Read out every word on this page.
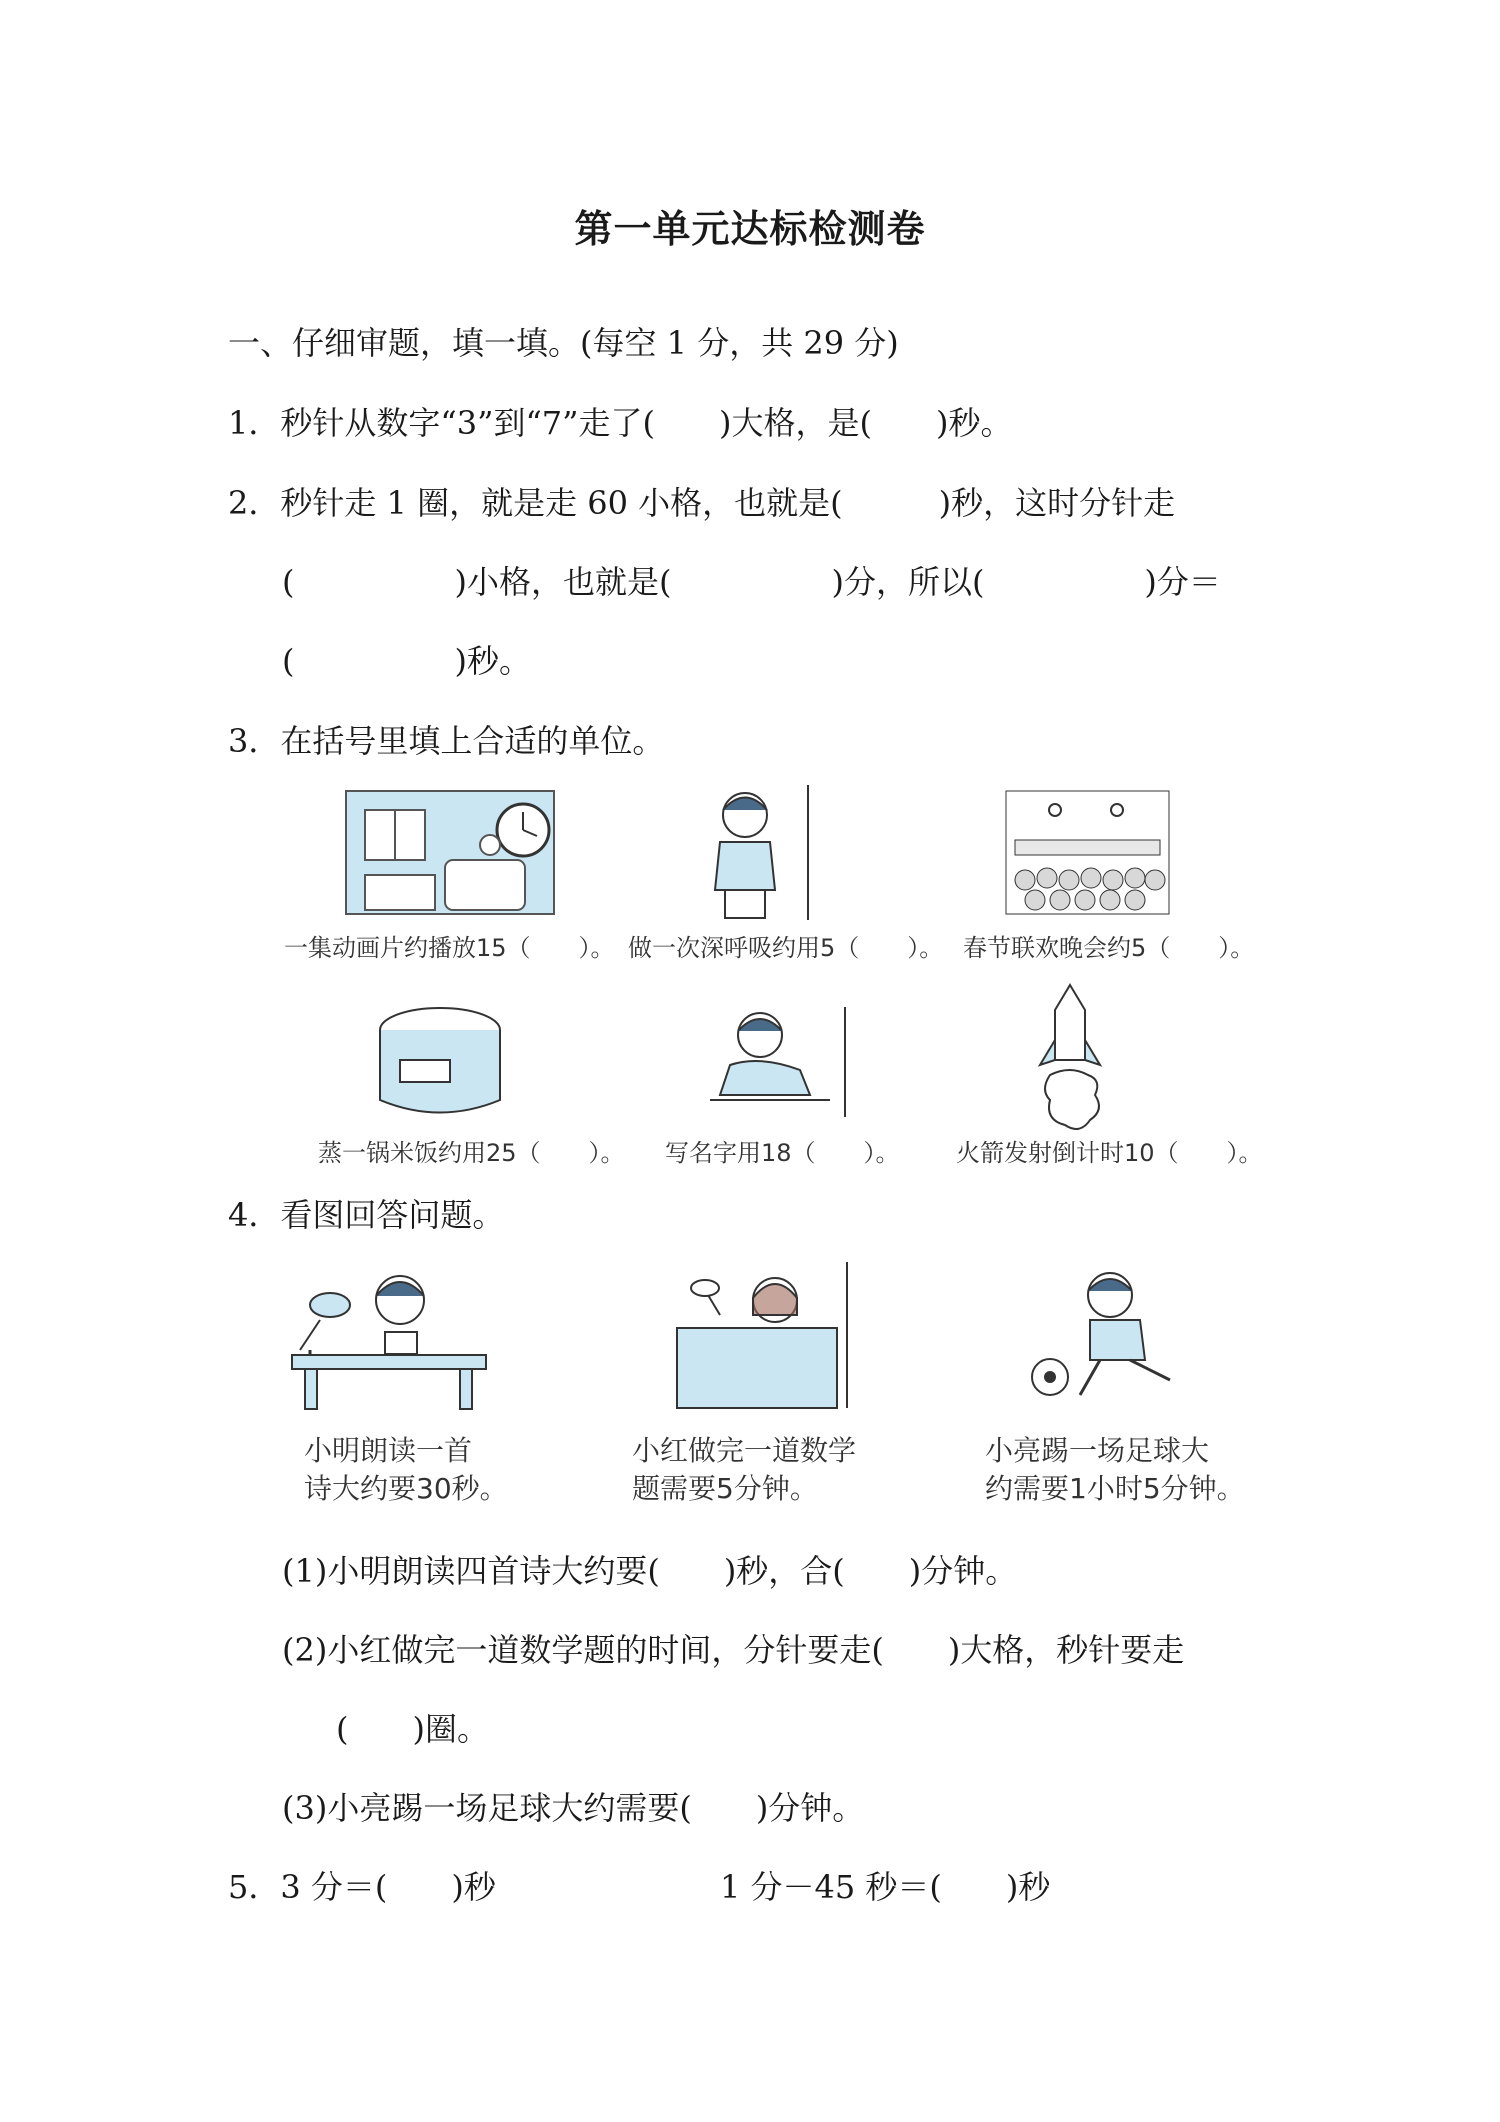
第一单元达标检测卷
一、仔细审题，填一填。(每空 1 分，共 29 分)
1．秒针从数字“3”到“7”走了(　　)大格，是(　　)秒。
2．秒针走 1 圈，就是走 60 小格，也就是(　　　)秒，这时分针走
(　　　　　)小格，也就是(　　　　　)分，所以(　　　　　)分＝
(　　　　　)秒。
3．在括号里填上合适的单位。
一集动画片约播放15（　　）。 做一次深呼吸约用5（　　）。 春节联欢晚会约5（　　）。
蒸一锅米饭约用25（　　）。 写名字用18（　　）。 火箭发射倒计时10（　　）。
4．看图回答问题。
小明朗读一首
诗大约要30秒。
小红做完一道数学
题需要5分钟。
小亮踢一场足球大
约需要1小时5分钟。
(1)小明朗读四首诗大约要(　　)秒，合(　　)分钟。
(2)小红做完一道数学题的时间，分针要走(　　)大格，秒针要走
(　　)圈。
(3)小亮踢一场足球大约需要(　　)分钟。
5．3 分＝(　　)秒	1 分－45 秒＝(　　)秒
